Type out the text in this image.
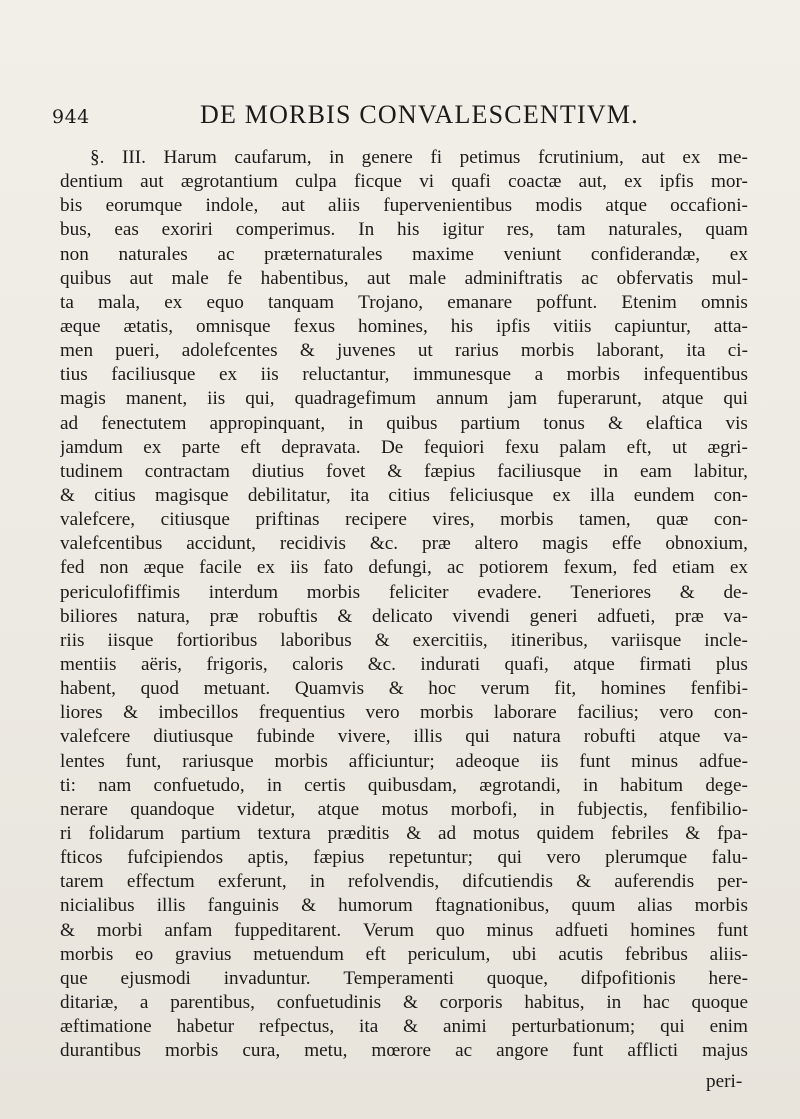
944	DE MORBIS CONVALESCENTIVM.
§. III. Harum caufarum, in genere fi petimus fcrutinium, aut ex me-
dentium aut ægrotantium culpa ficque vi quafi coactæ aut, ex ipfis mor-
bis eorumque indole, aut aliis fupervenientibus modis atque occafioni-
bus, eas exoriri comperimus. In his igitur res, tam naturales, quam
non naturales ac præternaturales maxime veniunt confiderandæ, ex
quibus aut male fe habentibus, aut male adminiftratis ac obfervatis mul-
ta mala, ex equo tanquam Trojano, emanare poffunt. Etenim omnis
æque ætatis, omnisque fexus homines, his ipfis vitiis capiuntur, atta-
men pueri, adolefcentes & juvenes ut rarius morbis laborant, ita ci-
tius faciliusque ex iis reluctantur, immunesque a morbis infequentibus
magis manent, iis qui, quadragefimum annum jam fuperarunt, atque qui
ad fenectutem appropinquant, in quibus partium tonus & elaftica vis
jamdum ex parte eft depravata. De fequiori fexu palam eft, ut ægri-
tudinem contractam diutius fovet & fæpius faciliusque in eam labitur,
& citius magisque debilitatur, ita citius feliciusque ex illa eundem con-
valefcere, citiusque priftinas recipere vires, morbis tamen, quæ con-
valefcentibus accidunt, recidivis &c. præ altero magis effe obnoxium,
fed non æque facile ex iis fato defungi, ac potiorem fexum, fed etiam ex
periculofiffimis interdum morbis feliciter evadere. Teneriores & de-
biliores natura, præ robuftis & delicato vivendi generi adfueti, præ va-
riis iisque fortioribus laboribus & exercitiis, itineribus, variisque incle-
mentiis aëris, frigoris, caloris &c. indurati quafi, atque firmati plus
habent, quod metuant. Quamvis & hoc verum fit, homines fenfibi-
liores & imbecillos frequentius vero morbis laborare facilius; vero con-
valefcere diutiusque fubinde vivere, illis qui natura robufti atque va-
lentes funt, rariusque morbis afficiuntur; adeoque iis funt minus adfue-
ti: nam confuetudo, in certis quibusdam, ægrotandi, in habitum dege-
nerare quandoque videtur, atque motus morbofi, in fubjectis, fenfibilio-
ri folidarum partium textura præditis & ad motus quidem febriles & fpa-
fticos fufcipiendos aptis, fæpius repetuntur; qui vero plerumque falu-
tarem effectum exferunt, in refolvendis, difcutiendis & auferendis per-
nicialibus illis fanguinis & humorum ftagnationibus, quum alias morbis
& morbi anfam fuppeditarent. Verum quo minus adfueti homines funt
morbis eo gravius metuendum eft periculum, ubi acutis febribus aliis-
que ejusmodi invaduntur. Temperamenti quoque, difpofitionis here-
ditariæ, a parentibus, confuetudinis & corporis habitus, in hac quoque
æftimatione habetur refpectus, ita & animi perturbationum; qui enim
durantibus morbis cura, metu, mœrore ac angore funt afflicti majus
peri-
